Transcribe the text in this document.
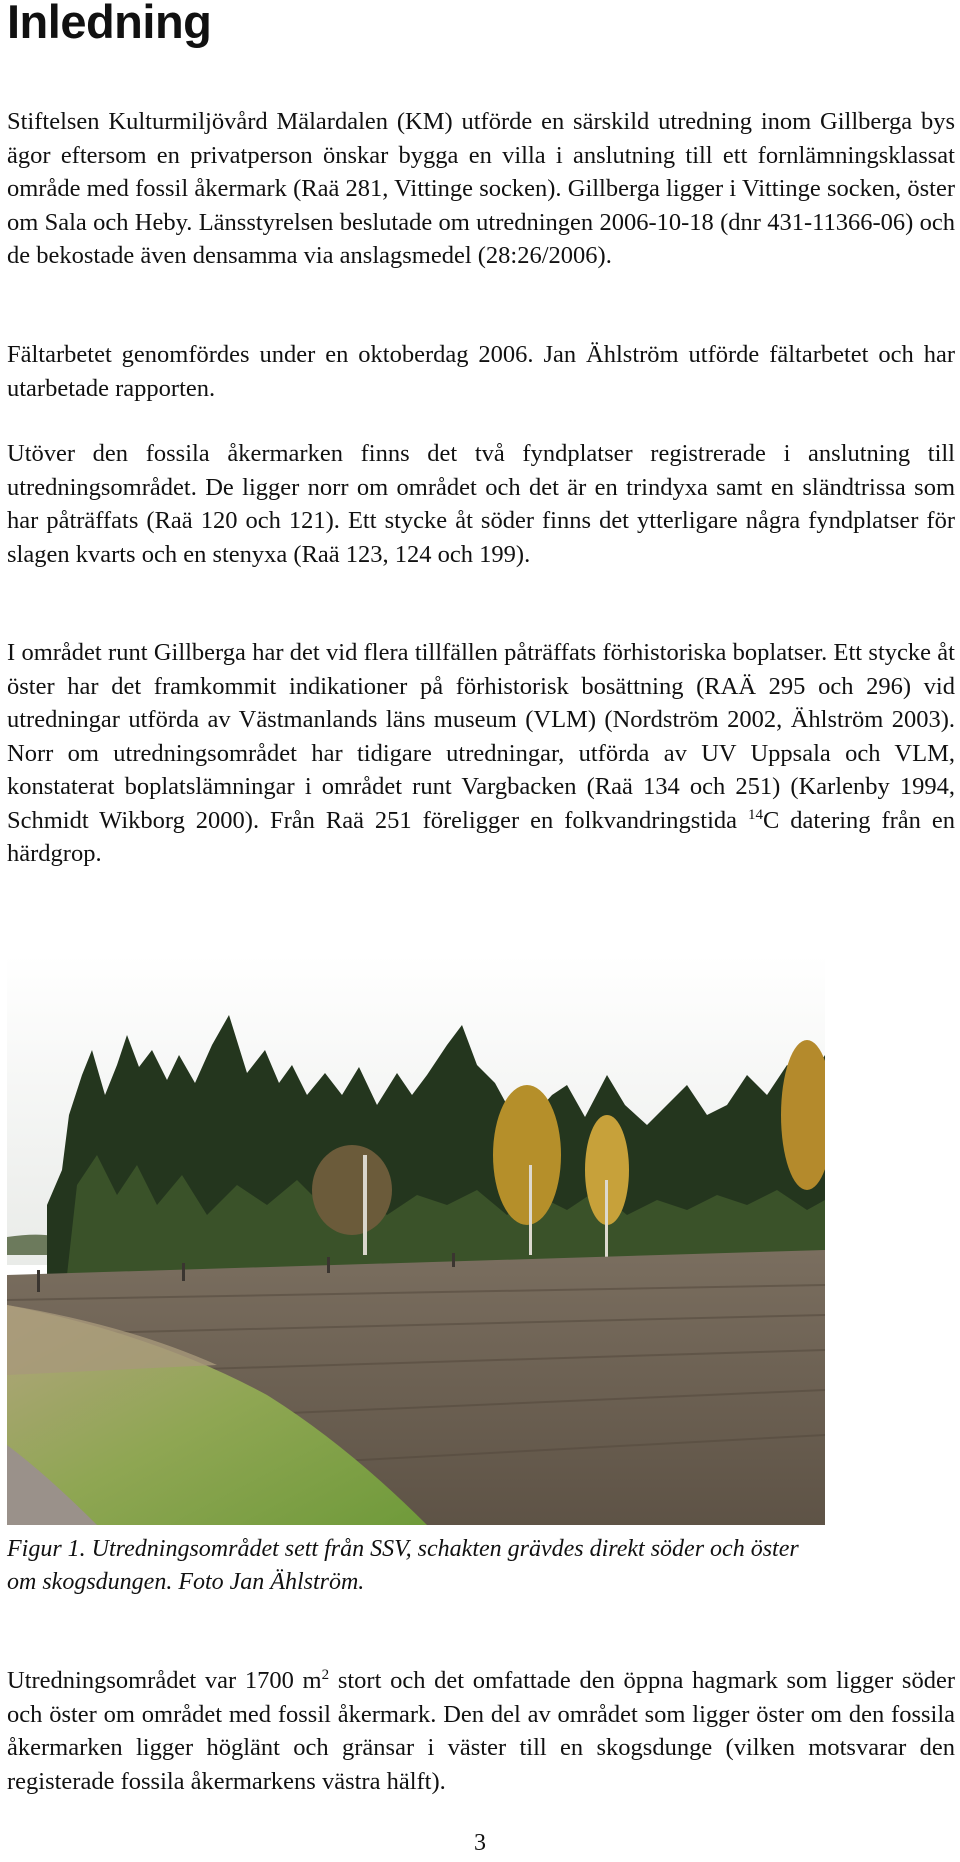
Inledning

Stiftelsen Kulturmiljövård Mälardalen (KM) utförde en särskild utredning inom Gillberga bys ägor eftersom en privatperson önskar bygga en villa i anslutning till ett fornlämningsklassat område med fossil åkermark (Raä 281, Vittinge socken). Gillberga ligger i Vittinge socken, öster om Sala och Heby. Länsstyrelsen beslutade om utredningen 2006-10-18 (dnr 431-11366-06) och de bekostade även densamma via anslagsmedel (28:26/2006).

Fältarbetet genomfördes under en oktoberdag 2006. Jan Ählström utförde fältarbetet och har utarbetade rapporten.

Utöver den fossila åkermarken finns det två fyndplatser registrerade i anslutning till utredningsområdet. De ligger norr om området och det är en trindyxa samt en sländtrissa som har påträffats (Raä 120 och 121). Ett stycke åt söder finns det ytterligare några fyndplatser för slagen kvarts och en stenyxa (Raä 123, 124 och 199).

I området runt Gillberga har det vid flera tillfällen påträffats förhistoriska boplatser. Ett stycke åt öster har det framkommit indikationer på förhistorisk bosättning (RAÄ 295 och 296) vid utredningar utförda av Västmanlands läns museum (VLM) (Nordström 2002, Ählström 2003). Norr om utredningsområdet har tidigare utredningar, utförda av UV Uppsala och VLM, konstaterat boplatslämningar i området runt Vargbacken (Raä 134 och 251) (Karlenby 1994, Schmidt Wikborg 2000). Från Raä 251 föreligger en folkvandringstida $^{14}$C datering från en härdgrop.

Figur 1. Utredningsområdet sett från SSV, schakten grävdes direkt söder och öster om skogsdungen. Foto Jan Ählström.

Utredningsområdet var 1700 $m^2$ stort och det omfattade den öppna hagmark som ligger söder och öster om området med fossil åkermark. Den del av området som ligger öster om den fossila åkermarken ligger höglänt och gränsar i väster till en skogsdunge (vilken motsvarar den registerade fossila åkermarkens västra hälft).

3
